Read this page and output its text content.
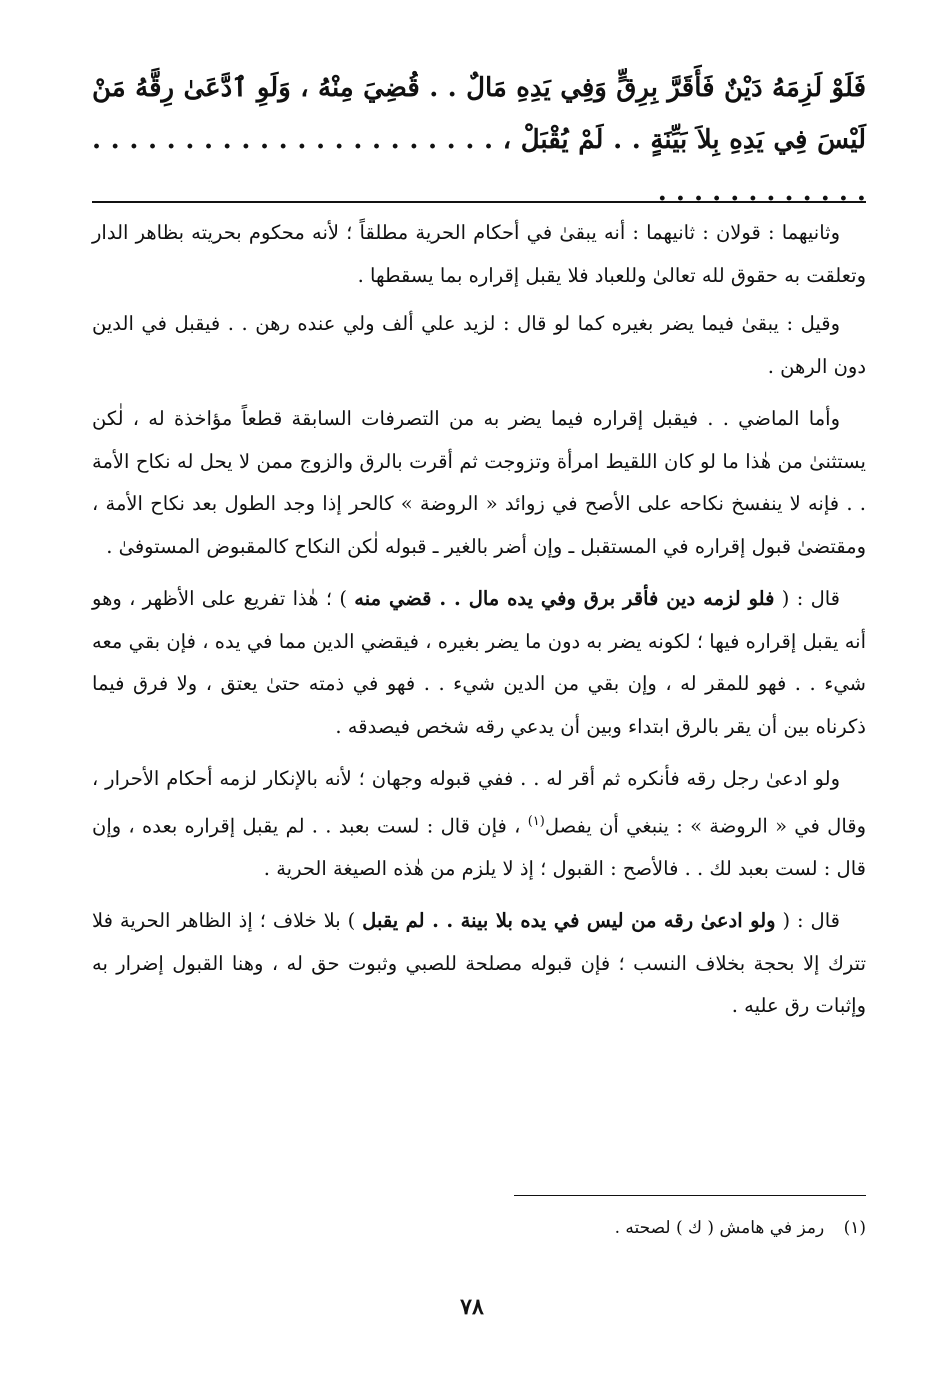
فَلَوْ لَزِمَهُ دَيْنٌ فَأَقَرَّ بِرِقٍّ وَفِي يَدِهِ مَالٌ . . قُضِيَ مِنْهُ ، وَلَوِ ٱدَّعَىٰ رِقَّهُ مَنْ لَيْسَ فِي يَدِهِ بِلاَ بَيِّنَةٍ . . لَمْ يُقْبَلْ ، . . . . . . . . . . . . . . . . . . . . . . . . . . . . . . . . . .

وثانيهما : قولان : ثانيهما : أنه يبقىٰ في أحكام الحرية مطلقاً ؛ لأنه محكوم بحريته بظاهر الدار وتعلقت به حقوق لله تعالىٰ وللعباد فلا يقبل إقراره بما يسقطها .

وقيل : يبقىٰ فيما يضر بغيره كما لو قال : لزيد علي ألف ولي عنده رهن . . فيقبل في الدين دون الرهن .

وأما الماضي . . فيقبل إقراره فيما يضر به من التصرفات السابقة قطعاً مؤاخذة له ، لٰكن يستثنىٰ من هٰذا ما لو كان اللقيط امرأة وتزوجت ثم أقرت بالرق والزوج ممن لا يحل له نكاح الأمة . . فإنه لا ينفسخ نكاحه على الأصح في زوائد « الروضة » كالحر إذا وجد الطول بعد نكاح الأمة ، ومقتضىٰ قبول إقراره في المستقبل ـ وإن أضر بالغير ـ قبوله لٰكن النكاح كالمقبوض المستوفىٰ .

قال : ( فلو لزمه دين فأقر برق وفي يده مال . . قضي منه ) ؛ هٰذا تفريع على الأظهر ، وهو أنه يقبل إقراره فيها ؛ لكونه يضر به دون ما يضر بغيره ، فيقضي الدين مما في يده ، فإن بقي معه شيء . . فهو للمقر له ، وإن بقي من الدين شيء . . فهو في ذمته حتىٰ يعتق ، ولا فرق فيما ذكرناه بين أن يقر بالرق ابتداء وبين أن يدعي رقه شخص فيصدقه .

ولو ادعىٰ رجل رقه فأنكره ثم أقر له . . ففي قبوله وجهان ؛ لأنه بالإنكار لزمه أحكام الأحرار ، وقال في « الروضة » : ينبغي أن يفصل$^{(١)}$ ، فإن قال : لست بعبد . . لم يقبل إقراره بعده ، وإن قال : لست بعبد لك . . فالأصح : القبول ؛ إذ لا يلزم من هٰذه الصيغة الحرية .

قال : ( ولو ادعىٰ رقه من ليس في يده بلا بينة . . لم يقبل ) بلا خلاف ؛ إذ الظاهر الحرية فلا تترك إلا بحجة بخلاف النسب ؛ فإن قبوله مصلحة للصبي وثبوت حق له ، وهنا القبول إضرار به وإثبات رق عليه .

(١) رمز في هامش ( ك ) لصحته .
٧٨
